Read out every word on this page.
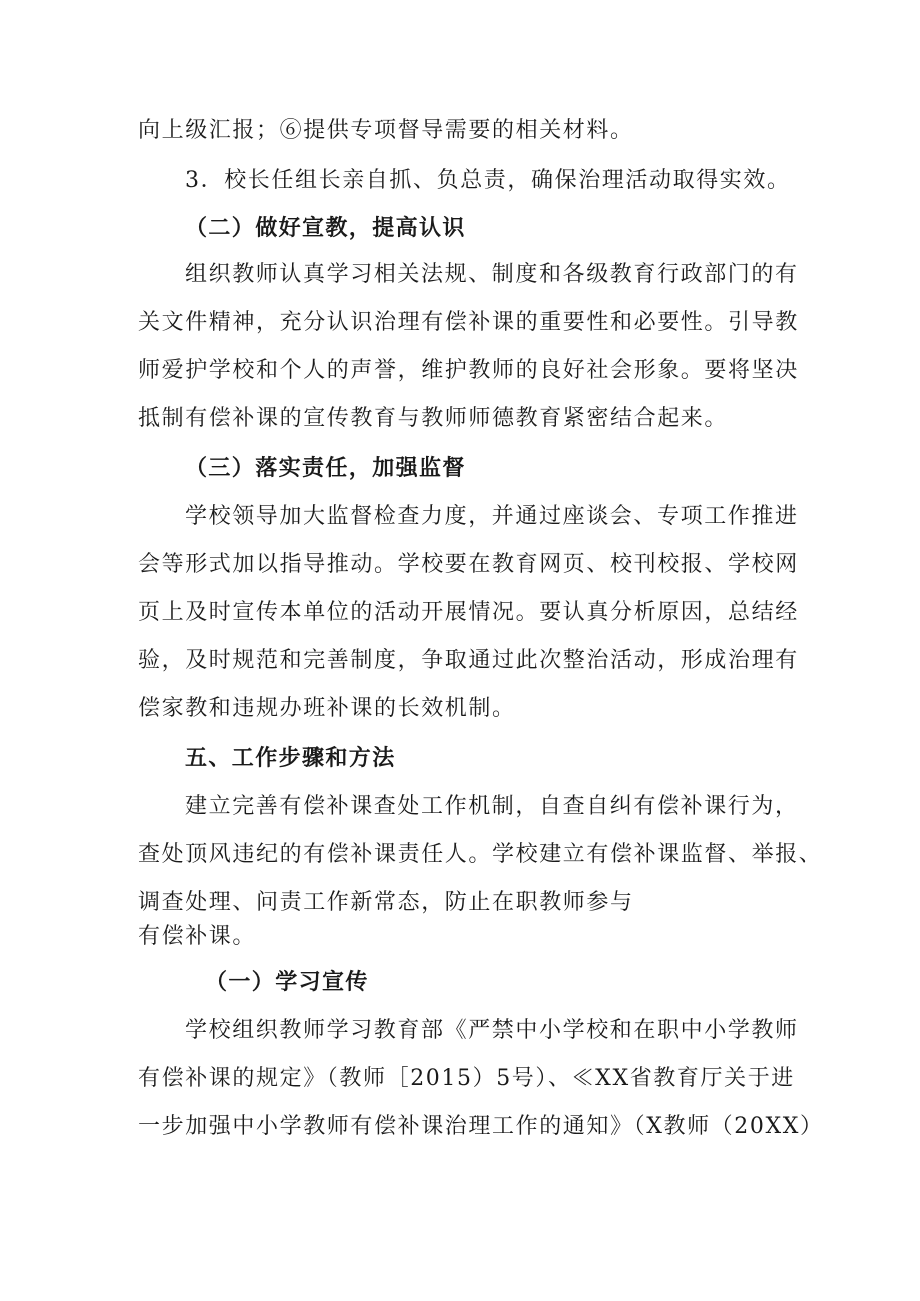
向上级汇报；⑥提供专项督导需要的相关材料。
3．校长任组长亲自抓、负总责，确保治理活动取得实效。
（二）做好宣教，提高认识
组织教师认真学习相关法规、制度和各级教育行政部门的有
关文件精神，充分认识治理有偿补课的重要性和必要性。引导教
师爱护学校和个人的声誉，维护教师的良好社会形象。要将坚决
抵制有偿补课的宣传教育与教师师德教育紧密结合起来。
（三）落实责任，加强监督
学校领导加大监督检查力度，并通过座谈会、专项工作推进
会等形式加以指导推动。学校要在教育网页、校刊校报、学校网
页上及时宣传本单位的活动开展情况。要认真分析原因，总结经
验，及时规范和完善制度，争取通过此次整治活动，形成治理有
偿家教和违规办班补课的长效机制。
五、工作步骤和方法
建立完善有偿补课查处工作机制，自查自纠有偿补课行为，
查处顶风违纪的有偿补课责任人。学校建立有偿补课监督、举报、
调查处理、问责工作新常态，防止在职教师参与
有偿补课。
（一）学习宣传
学校组织教师学习教育部《严禁中小学校和在职中小学教师
有偿补课的规定》（教师［2015）5号）、≪XX省教育厅关于进
一步加强中小学教师有偿补课治理工作的通知》（X教师（20XX）
